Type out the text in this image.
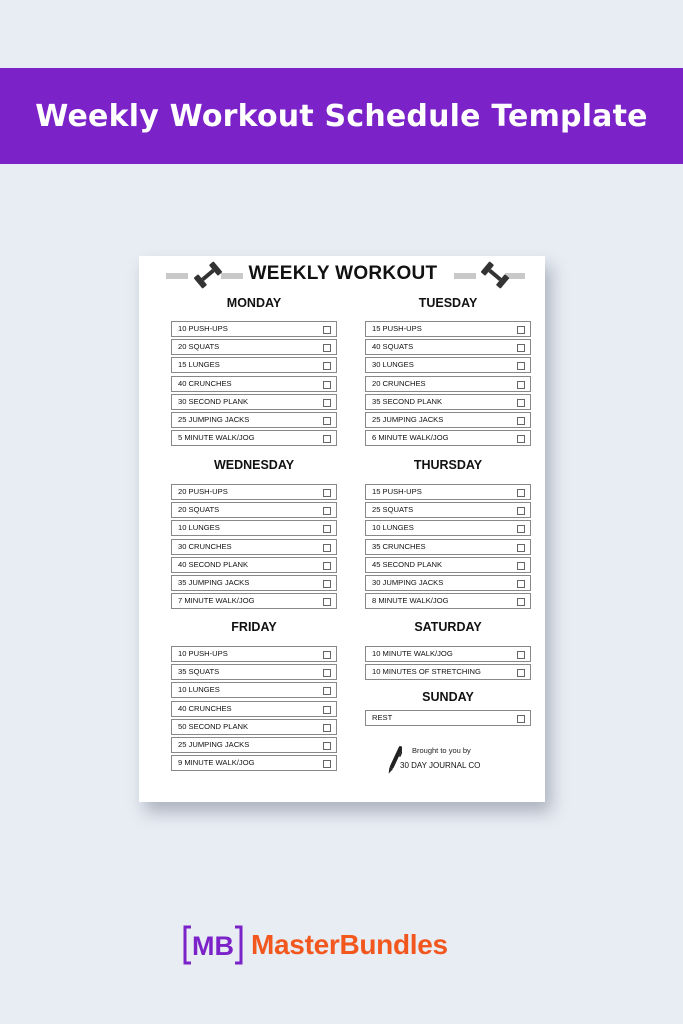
Weekly Workout Schedule Template
WEEKLY WORKOUT
MONDAY
10 PUSH-UPS
20 SQUATS
15 LUNGES
40 CRUNCHES
30 SECOND PLANK
25 JUMPING JACKS
5 MINUTE WALK/JOG
TUESDAY
15 PUSH-UPS
40 SQUATS
30 LUNGES
20 CRUNCHES
35 SECOND PLANK
25 JUMPING JACKS
6 MINUTE WALK/JOG
WEDNESDAY
20 PUSH-UPS
20 SQUATS
10 LUNGES
30 CRUNCHES
40 SECOND PLANK
35 JUMPING JACKS
7 MINUTE WALK/JOG
THURSDAY
15 PUSH-UPS
25 SQUATS
10 LUNGES
35 CRUNCHES
45 SECOND PLANK
30 JUMPING JACKS
8 MINUTE WALK/JOG
FRIDAY
10 PUSH-UPS
35 SQUATS
10 LUNGES
40 CRUNCHES
50 SECOND PLANK
25 JUMPING JACKS
9 MINUTE WALK/JOG
SATURDAY
10 MINUTE WALK/JOG
10 MINUTES OF STRETCHING
SUNDAY
REST
Brought to you by
30 DAY JOURNAL CO
MB MasterBundles
